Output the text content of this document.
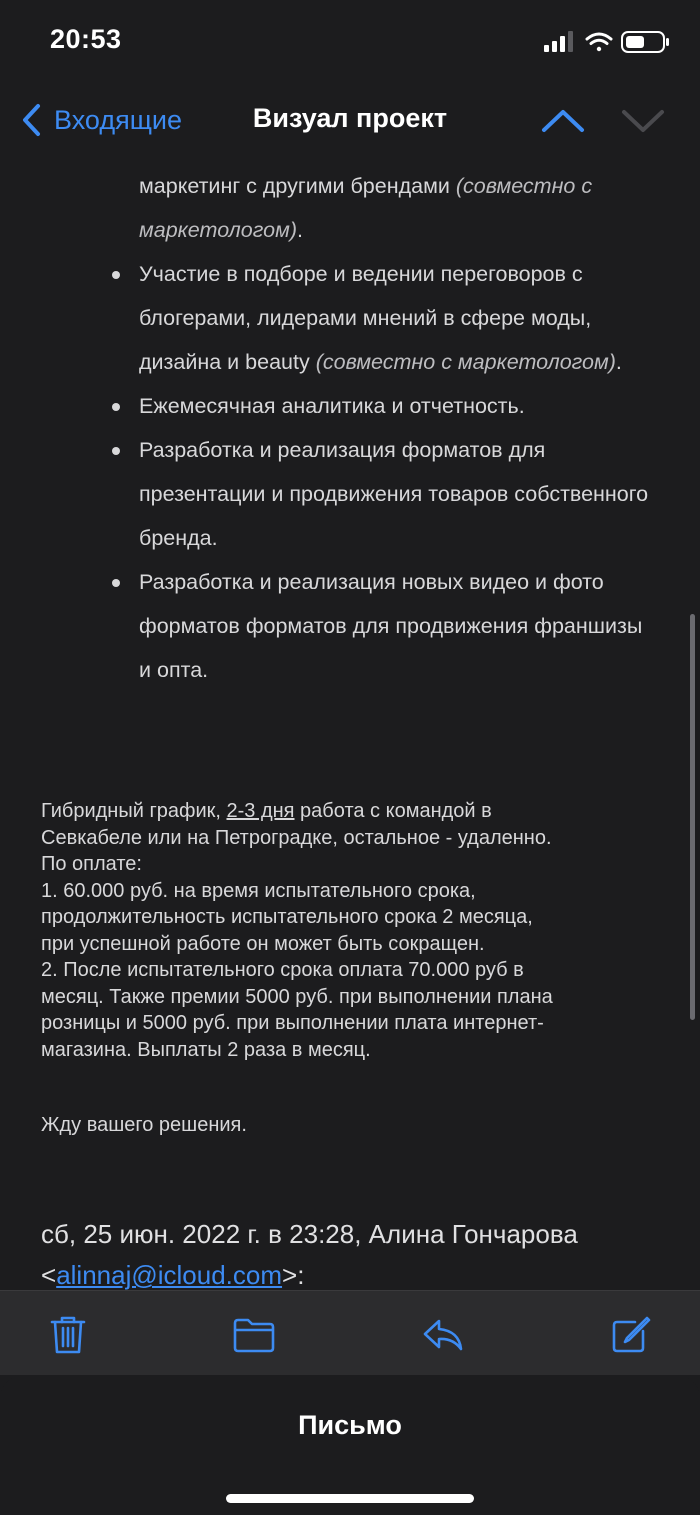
20:53
Входящие	Визуал проект
маркетинг с другими брендами (совместно с маркетологом).
Участие в подборе и ведении переговоров с блогерами, лидерами мнений в сфере моды, дизайна и beauty (совместно с маркетологом).
Ежемесячная аналитика и отчетность.
Разработка и реализация форматов для презентации и продвижения товаров собственного бренда.
Разработка и реализация новых видео и фото форматов форматов для продвижения франшизы и опта.
Гибридный график, 2-3 дня работа с командой в
Севкабеле или на Петроградке, остальное - удаленно.
По оплате:
1. 60.000 руб. на время испытательного срока,
продолжительность испытательного срока 2 месяца,
при успешной работе он может быть сокращен.
2. После испытательного срока оплата 70.000 руб в
месяц. Также премии 5000 руб. при выполнении плана
розницы и 5000 руб. при выполнении плата интернет-
магазина. Выплаты 2 раза в месяц.
Жду вашего решения.
сб, 25 июн. 2022 г. в 23:28, Алина Гончарова
<alinnaj@icloud.com>:
Письмо
